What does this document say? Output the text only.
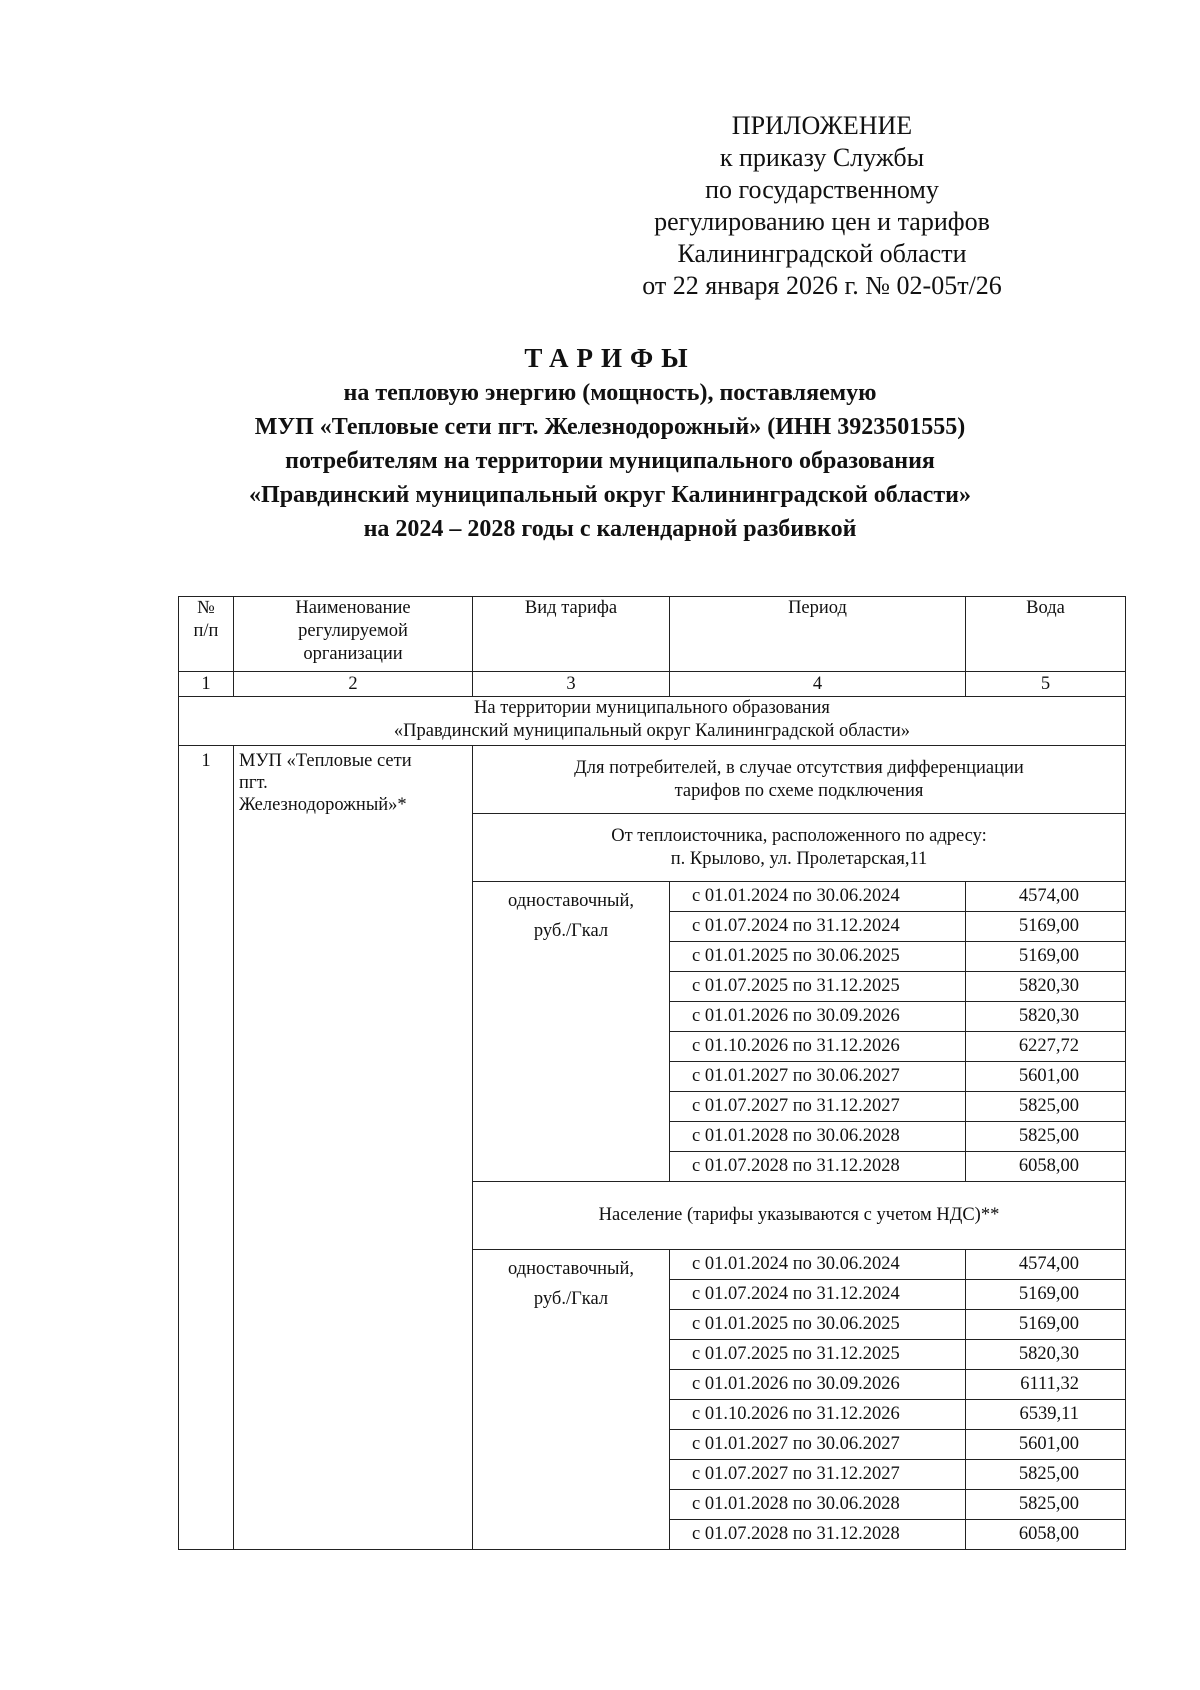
ПРИЛОЖЕНИЕ
к приказу Службы
по государственному
регулированию цен и тарифов
Калининградской области
от 22 января 2026 г. № 02-05т/26
ТАРИФЫ
на тепловую энергию (мощность), поставляемую
МУП «Тепловые сети пгт. Железнодорожный» (ИНН 3923501555)
потребителям на территории муниципального образования
«Правдинский муниципальный округ Калининградской области»
на 2024 – 2028 годы с календарной разбивкой
№
п/п	Наименование
регулируемой
организации	Вид тарифа	Период	Вода
1	2	3	4	5
На территории муниципального образования
«Правдинский муниципальный округ Калининградской области»				
1	МУП «Тепловые сети
пгт.
Железнодорожный»*	Для потребителей, в случае отсутствия дифференциации
тарифов по схеме подключения		
		От теплоисточника, расположенного по адресу:
п. Крылово, ул. Пролетарская,11		
		одноставочный,
руб./Гкал	с 01.01.2024 по 30.06.2024	4574,00
			с 01.07.2024 по 31.12.2024	5169,00
			с 01.01.2025 по 30.06.2025	5169,00
			с 01.07.2025 по 31.12.2025	5820,30
			с 01.01.2026 по 30.09.2026	5820,30
			с 01.10.2026 по 31.12.2026	6227,72
			с 01.01.2027 по 30.06.2027	5601,00
			с 01.07.2027 по 31.12.2027	5825,00
			с 01.01.2028 по 30.06.2028	5825,00
			с 01.07.2028 по 31.12.2028	6058,00
		Население (тарифы указываются с учетом НДС)**		
		одноставочный,
руб./Гкал	с 01.01.2024 по 30.06.2024	4574,00
			с 01.07.2024 по 31.12.2024	5169,00
			с 01.01.2025 по 30.06.2025	5169,00
			с 01.07.2025 по 31.12.2025	5820,30
			с 01.01.2026 по 30.09.2026	6111,32
			с 01.10.2026 по 31.12.2026	6539,11
			с 01.01.2027 по 30.06.2027	5601,00
			с 01.07.2027 по 31.12.2027	5825,00
			с 01.01.2028 по 30.06.2028	5825,00
			с 01.07.2028 по 31.12.2028	6058,00
